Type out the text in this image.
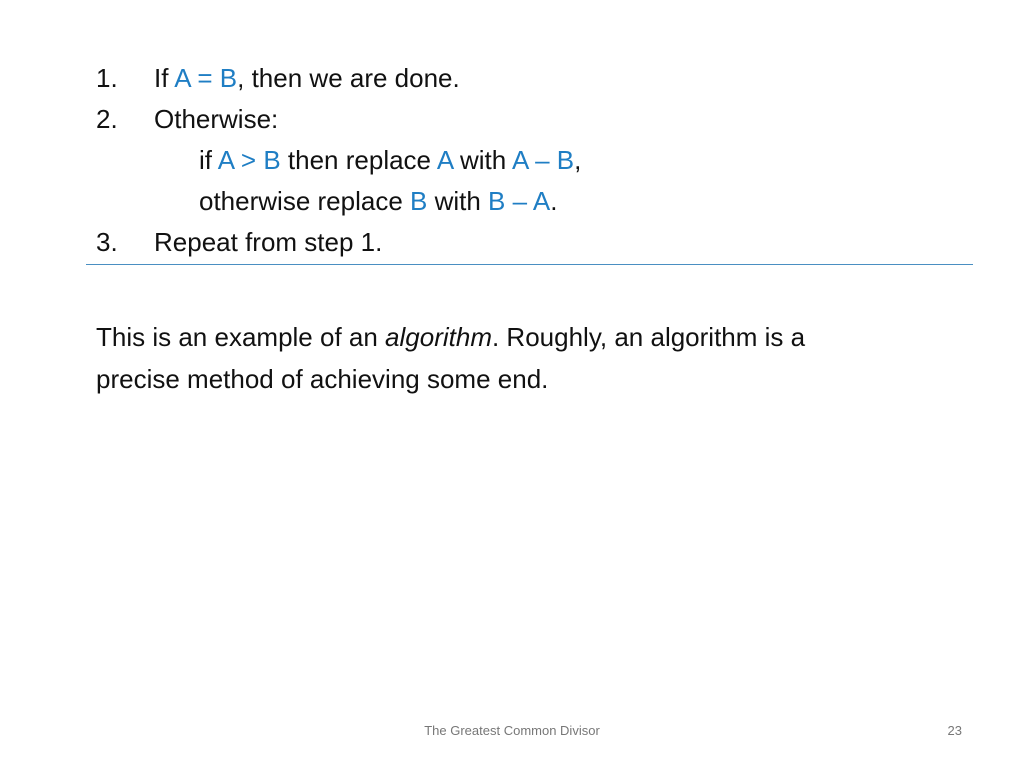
1. If A = B, then we are done.
2. Otherwise:
if A > B then replace A with A – B,
otherwise replace B with B – A.
3. Repeat from step 1.
This is an example of an algorithm. Roughly, an algorithm is a
precise method of achieving some end.
The Greatest Common Divisor	23
